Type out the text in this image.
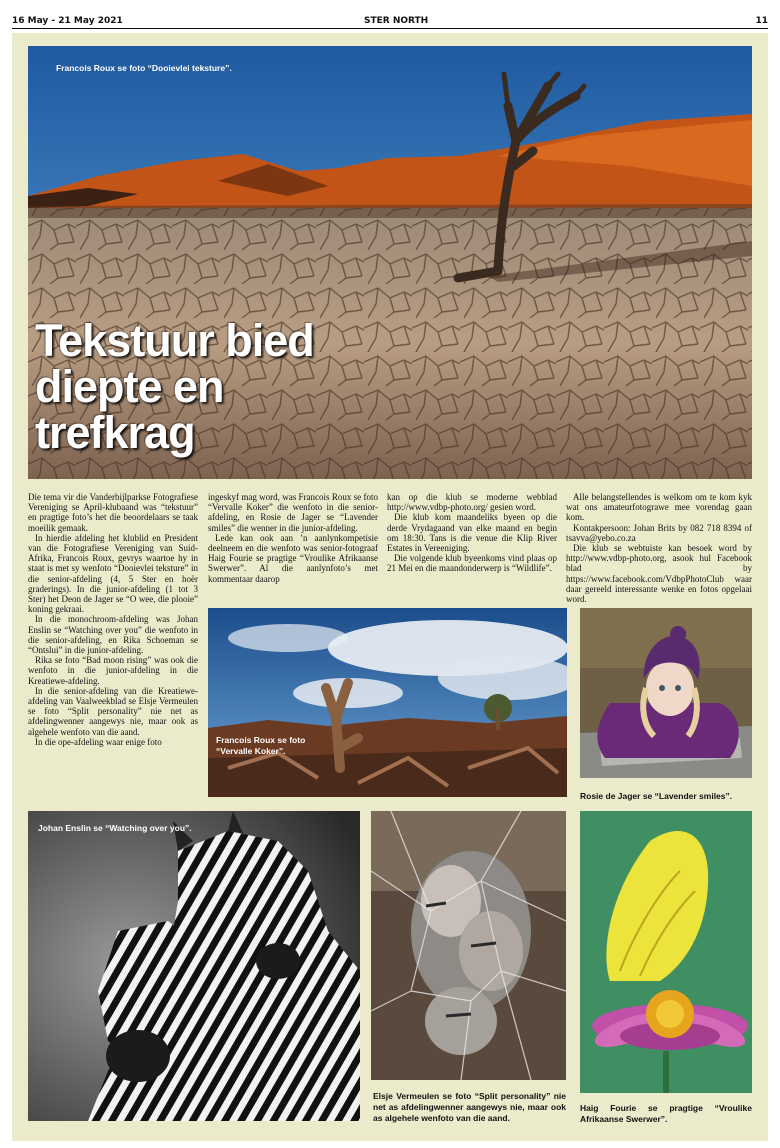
16 May - 21 May 2021	STER NORTH	11
Francois Roux se foto “Dooievlei teksture”.
Tekstuur bied
diepte en
trefkrag

Die tema vir die Vanderbijlparkse Fotografiese Vereniging se April-klubaand was “tekstuur” en pragtige foto’s het die beoordelaars se taak moeilik gemaak.

In hierdie afdeling het klublid en President van die Fotografiese Vereniging van Suid-Afrika, Francois Roux, gevrys waartoe hy in staat is met sy wenfoto “Dooievlei teksture” in die senior-afdeling (4, 5 Ster en hoër graderings). In die junior-afdeling (1 tot 3 Ster) het Deon de Jager se “O wee, die plooie” koning gekraai.

In die monochroom-afdeling was Johan Enslin se “Watching over you” die wenfoto in die senior-afdeling, en Rika Schoeman se “Ontslui” in die junior-afdeling.

Rika se foto “Bad moon rising” was ook die wenfoto in die junior-afdeling in die Kreatiewe-afdeling.

In die senior-afdeling van die Kreatiewe-afdeling van Vaalweekblad se Elsje Vermeulen se foto “Split personality” nie net as afdelingwenner aangewys nie, maar ook as algehele wenfoto van die aand.

In die ope-afdeling waar enige foto

ingeskyf mag word, was Francois Roux se foto “Vervalle Koker” die wenfoto in die senior-afdeling, en Rosie de Jager se “Lavender smiles” die wenner in die junior-afdeling.

Lede kan ook aan ’n aanlynkompetisie deelneem en die wenfoto was senior-fotograaf Haig Fourie se pragtige “Vroulike Afrikaanse Swerwer”. Al die aanlynfoto’s met kommentaar daarop

kan op die klub se moderne webblad http://www.vdbp-photo.org/ gesien word.

Die klub kom maandeliks byeen op die derde Vrydagaand van elke maand en begin om 18:30. Tans is die venue die Klip River Estates in Vereeniging.

Die volgende klub byeenkoms vind plaas op 21 Mei en die maandonderwerp is “Wildlife”.

Alle belangstellendes is welkom om te kom kyk wat ons amateurfotograwe mee vorendag gaan kom.

Kontakpersoon: Johan Brits by 082 718 8394 of tsavva@yebo.co.za

Die klub se webtuiste kan besoek word by http://www.vdbp-photo.org, asook hul Facebook blad by https://www.facebook.com/VdbpPhotoClub waar daar gereeld interessante wenke en fotos opgelaai word.

Francois Roux se foto “Vervalle Koker”.
Rosie de Jager se “Lavender smiles”.
Johan Enslin se “Watching over you”.
Elsje Vermeulen se foto “Split personality” nie net as afdelingwenner aangewys nie, maar ook as algehele wenfoto van die aand.
Haig Fourie se pragtige “Vroulike Afrikaanse Swerwer”.
